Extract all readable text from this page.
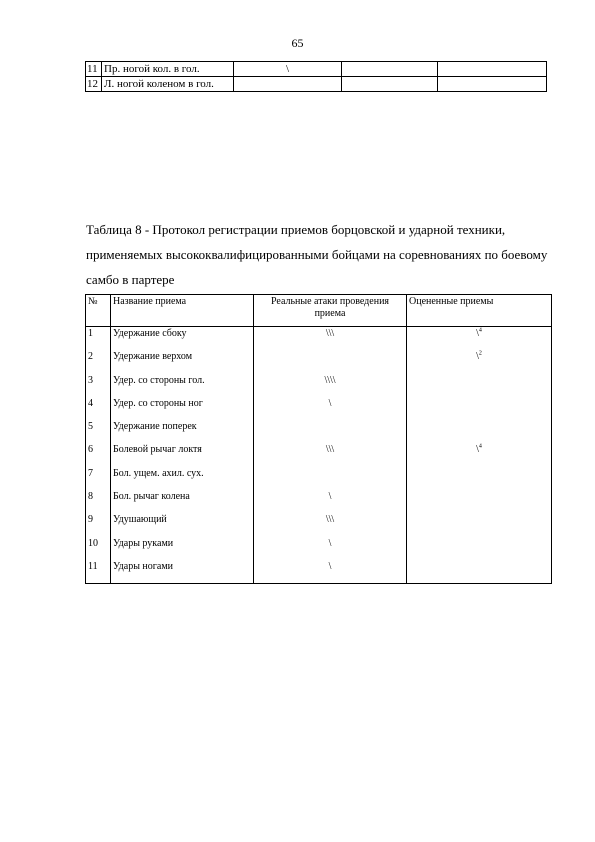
65
11	Пр. ногой кол. в гол.	\		
12	Л. ногой коленом в гол.			
Таблица 8 - Протокол регистрации приемов борцовской и ударной техники, применяемых высококвалифицированными бойцами на соревнованиях по боевому самбо в партере
№	Название приема	Реальные атаки проведения приема	Оцененные приемы
1	Удержание сбоку	\\\	\$^4$
2	Удержание верхом		\$^2$
3	Удер. со стороны гол.	\\\\	
4	Удер. со стороны ног	\	
5	Удержание поперек		
6	Болевой рычаг локтя	\\\	\$^4$
7	Бол. ущем. ахил. сух.		
8	Бол. рычаг колена	\	
9	Удушающий	\\\	
10	Удары руками	\	
11	Удары ногами	\	
